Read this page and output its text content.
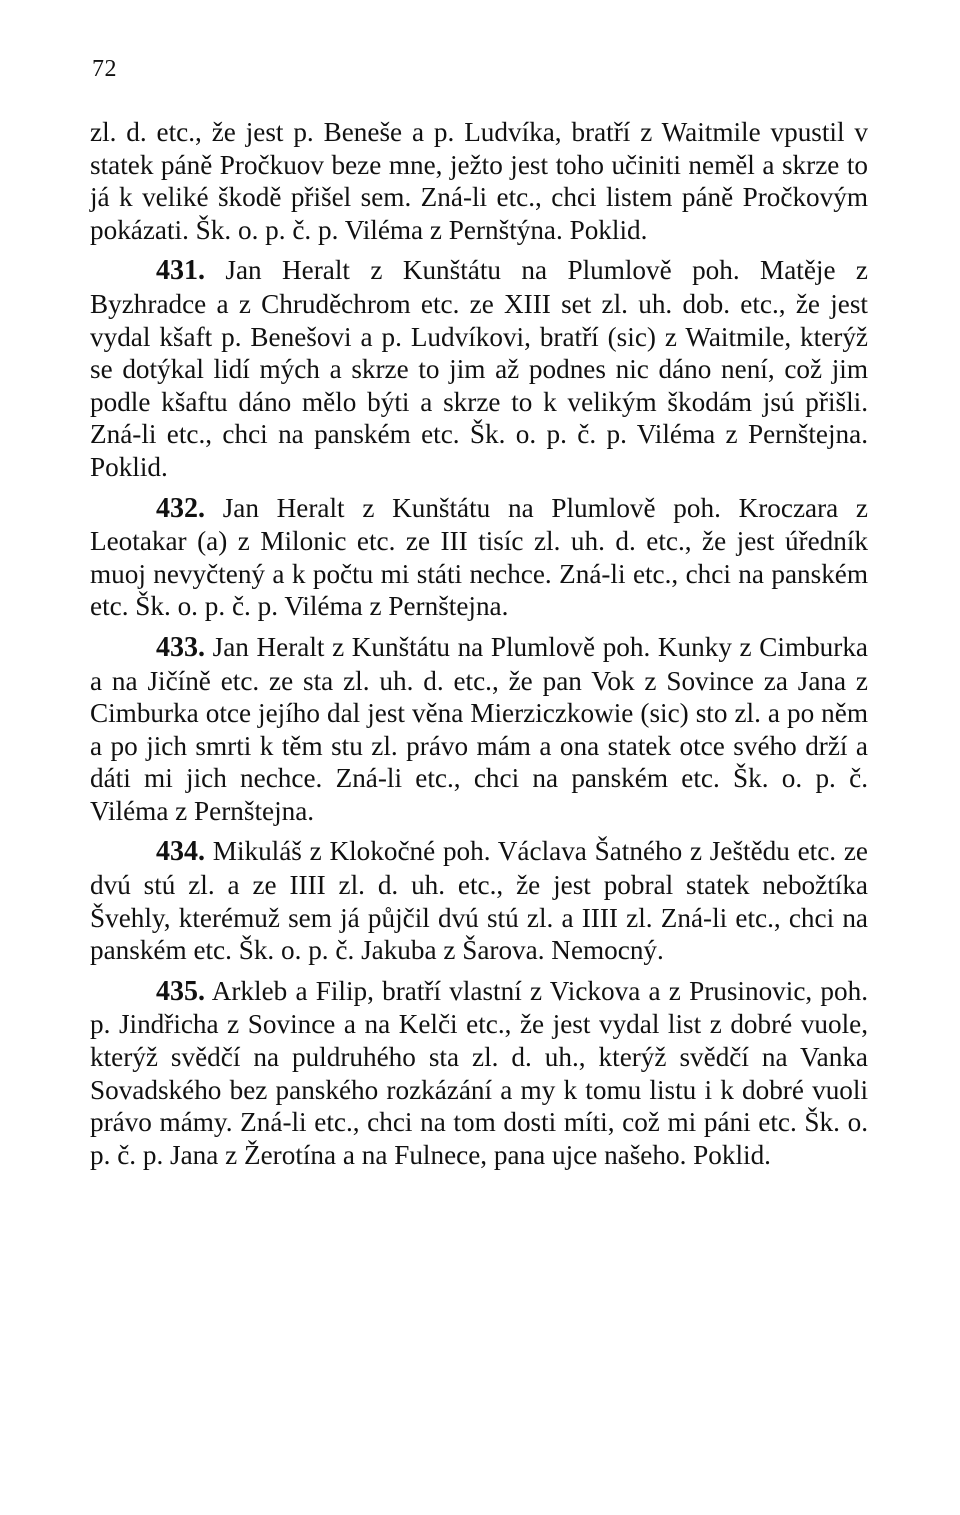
72

zl. d. etc., že jest p. Beneše a p. Ludvíka, bratří z Waitmile vpustil v statek páně Pročkuov beze mne, ježto jest toho učiniti neměl a skrze to já k veliké škodě přišel sem. Zná-li etc., chci listem páně Pročkovým pokázati. Šk. o. p. č. p. Viléma z Pernštýna. Poklid.

431. Jan Heralt z Kunštátu na Plumlově poh. Matěje z Byzhradce a z Chruděchrom etc. ze XIII set zl. uh. dob. etc., že jest vydal kšaft p. Benešovi a p. Ludvíkovi, bratří (sic) z Waitmile, kterýž se dotýkal lidí mých a skrze to jim až podnes nic dáno není, což jim podle kšaftu dáno mělo býti a skrze to k velikým škodám jsú přišli. Zná-li etc., chci na panském etc. Šk. o. p. č. p. Viléma z Pernštejna. Poklid.

432. Jan Heralt z Kunštátu na Plumlově poh. Kroczara z Leotakar (a) z Milonic etc. ze III tisíc zl. uh. d. etc., že jest úředník muoj nevyčtený a k počtu mi státi nechce. Zná-li etc., chci na panském etc. Šk. o. p. č. p. Viléma z Pernštejna.

433. Jan Heralt z Kunštátu na Plumlově poh. Kunky z Cimburka a na Jičíně etc. ze sta zl. uh. d. etc., že pan Vok z Sovince za Jana z Cimburka otce jejího dal jest věna Mierziczkowie (sic) sto zl. a po něm a po jich smrti k těm stu zl. právo mám a ona statek otce svého drží a dáti mi jich nechce. Zná-li etc., chci na panském etc. Šk. o. p. č. Viléma z Pernštejna.

434. Mikuláš z Klokočné poh. Václava Šatného z Ještědu etc. ze dvú stú zl. a ze IIII zl. d. uh. etc., že jest pobral statek nebožtíka Švehly, kterémuž sem já půjčil dvú stú zl. a IIII zl. Zná-li etc., chci na panském etc. Šk. o. p. č. Jakuba z Šarova. Nemocný.

435. Arkleb a Filip, bratří vlastní z Vickova a z Prusinovic, poh. p. Jindřicha z Sovince a na Kelči etc., že jest vydal list z dobré vuole, kterýž svědčí na puldruhého sta zl. d. uh., kterýž svědčí na Vanka Sovadského bez panského rozkázání a my k tomu listu i k dobré vuoli právo mámy. Zná-li etc., chci na tom dosti míti, což mi páni etc. Šk. o. p. č. p. Jana z Žerotína a na Fulnece, pana ujce našeho. Poklid.
